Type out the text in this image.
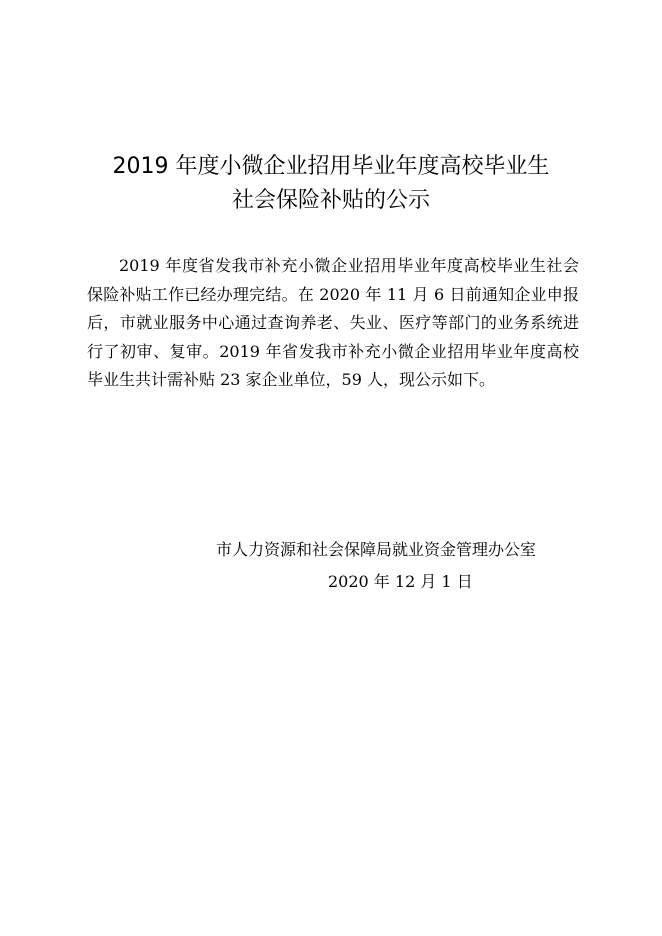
2019 年度小微企业招用毕业年度高校毕业生
社会保险补贴的公示

2019 年度省发我市补充小微企业招用毕业年度高校毕业生社会保险补贴工作已经办理完结。在 2020 年 11 月 6 日前通知企业申报后，市就业服务中心通过查询养老、失业、医疗等部门的业务系统进行了初审、复审。2019 年省发我市补充小微企业招用毕业年度高校毕业生共计需补贴 23 家企业单位，59 人，现公示如下。

市人力资源和社会保障局就业资金管理办公室
2020 年 12 月 1 日
